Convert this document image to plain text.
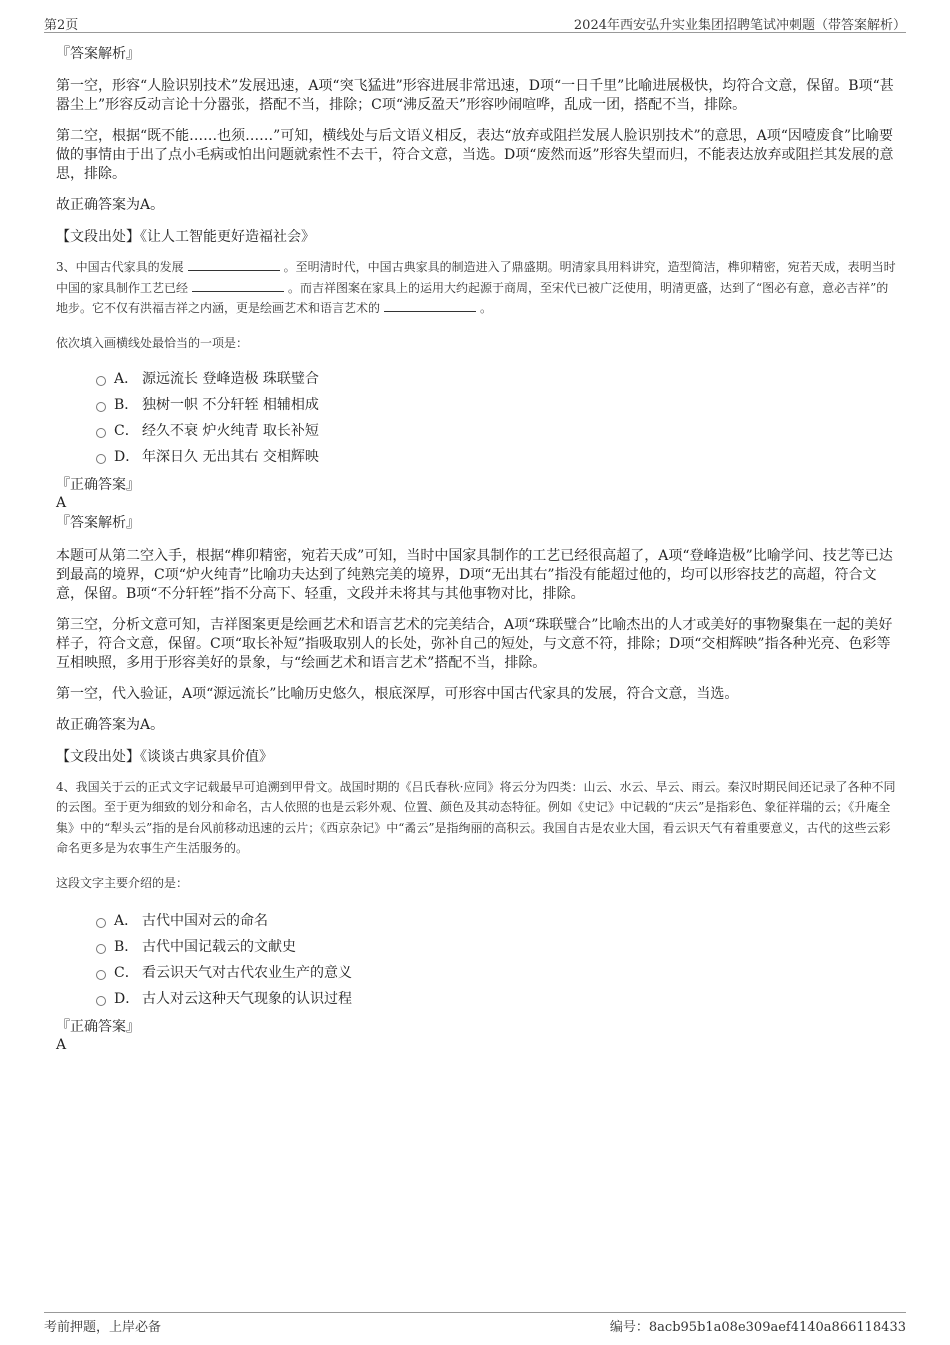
第2页	2024年西安弘升实业集团招聘笔试冲刺题（带答案解析）

『答案解析』

第一空，形容“人脸识别技术”发展迅速，A项“突飞猛进”形容进展非常迅速，D项“一日千里”比喻进展极快，均符合文意，保留。B项“甚嚣尘上”形容反动言论十分嚣张，搭配不当，排除；C项“沸反盈天”形容吵闹喧哗，乱成一团，搭配不当，排除。

第二空，根据“既不能……也须……”可知，横线处与后文语义相反，表达“放弃或阻拦发展人脸识别技术”的意思，A项“因噎废食”比喻要做的事情由于出了点小毛病或怕出问题就索性不去干，符合文意，当选。D项“废然而返”形容失望而归，不能表达放弃或阻拦其发展的意思，排除。

故正确答案为A。

【文段出处】《让人工智能更好造福社会》

3、中国古代家具的发展	。至明清时代，中国古典家具的制造进入了鼎盛期。明清家具用料讲究，造型简洁，榫卯精密，宛若天成，表明当时中国的家具制作工艺已经	。而吉祥图案在家具上的运用大约起源于商周，至宋代已被广泛使用，明清更盛，达到了“图必有意，意必吉祥”的地步。它不仅有洪福吉祥之内涵，更是绘画艺术和语言艺术的	。

依次填入画横线处最恰当的一项是：

A． 源远流长 登峰造极 珠联璧合
B． 独树一帜 不分轩轾 相辅相成
C． 经久不衰 炉火纯青 取长补短
D． 年深日久 无出其右 交相辉映

『正确答案』

A

『答案解析』

本题可从第二空入手，根据“榫卯精密，宛若天成”可知，当时中国家具制作的工艺已经很高超了，A项“登峰造极”比喻学问、技艺等已达到最高的境界，C项“炉火纯青”比喻功夫达到了纯熟完美的境界，D项“无出其右”指没有能超过他的，均可以形容技艺的高超，符合文意，保留。B项“不分轩轾”指不分高下、轻重，文段并未将其与其他事物对比，排除。

第三空，分析文意可知，吉祥图案更是绘画艺术和语言艺术的完美结合，A项“珠联璧合”比喻杰出的人才或美好的事物聚集在一起的美好样子，符合文意，保留。C项“取长补短”指吸取别人的长处，弥补自己的短处，与文意不符，排除；D项“交相辉映”指各种光亮、色彩等互相映照，多用于形容美好的景象，与“绘画艺术和语言艺术”搭配不当，排除。

第一空，代入验证，A项“源远流长”比喻历史悠久，根底深厚，可形容中国古代家具的发展，符合文意，当选。

故正确答案为A。

【文段出处】《谈谈古典家具价值》

4、我国关于云的正式文字记载最早可追溯到甲骨文。战国时期的《吕氏春秋·应同》将云分为四类：山云、水云、旱云、雨云。秦汉时期民间还记录了各种不同的云图。至于更为细致的划分和命名，古人依照的也是云彩外观、位置、颜色及其动态特征。例如《史记》中记载的“庆云”是指彩色、象征祥瑞的云；《升庵全集》中的“犁头云”指的是台风前移动迅速的云片；《西京杂记》中“矞云”是指绚丽的高积云。我国自古是农业大国，看云识天气有着重要意义，古代的这些云彩命名更多是为农事生产生活服务的。

这段文字主要介绍的是：

A． 古代中国对云的命名
B． 古代中国记载云的文献史
C． 看云识天气对古代农业生产的意义
D． 古人对云这种天气现象的认识过程

『正确答案』

A

考前押题，上岸必备	编号：8acb95b1a08e309aef4140a866118433
